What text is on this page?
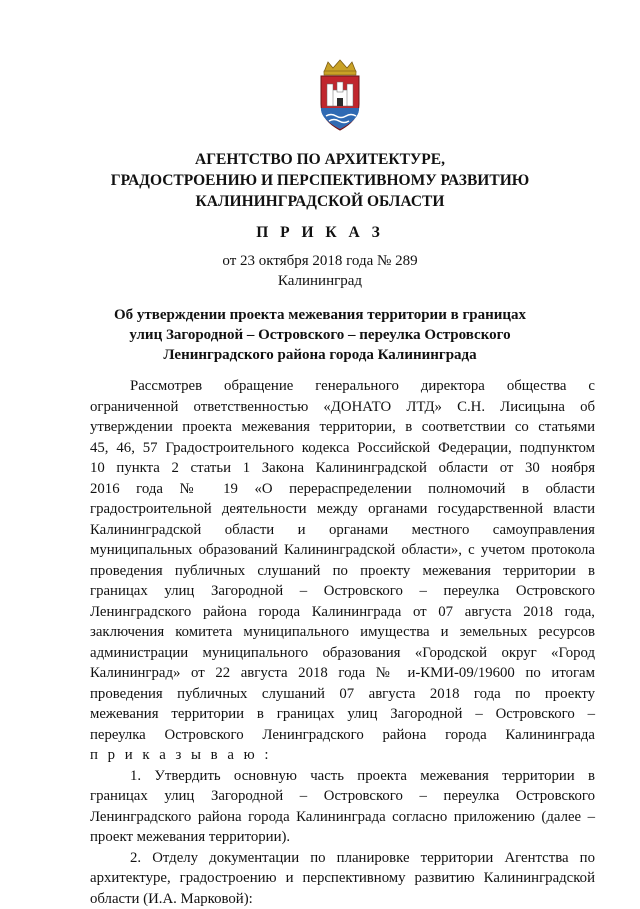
АГЕНТСТВО ПО АРХИТЕКТУРЕ,
ГРАДОСТРОЕНИЮ И ПЕРСПЕКТИВНОМУ РАЗВИТИЮ
КАЛИНИНГРАДСКОЙ ОБЛАСТИ
П Р И К А З
от 23 октября 2018 года № 289
Калининград
Об утверждении проекта межевания территории в границах
улиц Загородной – Островского – переулка Островского
Ленинградского района города Калининграда

Рассмотрев обращение генерального директора общества с
ограниченной ответственностью «ДОНАТО ЛТД» С.Н. Лисицына об
утверждении проекта межевания территории, в соответствии со статьями
45, 46, 57 Градостроительного кодекса Российской Федерации, подпунктом
10 пункта 2 статьи 1 Закона Калининградской области от 30 ноября
2016 года № 19 «О перераспределении полномочий в области
градостроительной деятельности между органами государственной власти
Калининградской области и органами местного самоуправления
муниципальных образований Калининградской области», с учетом протокола
проведения публичных слушаний по проекту межевания территории в
границах улиц Загородной – Островского – переулка Островского
Ленинградского района города Калининграда от 07 августа 2018 года,
заключения комитета муниципального имущества и земельных ресурсов
администрации муниципального образования «Городской округ «Город
Калининград» от 22 августа 2018 года № и-КМИ-09/19600 по итогам
проведения публичных слушаний 07 августа 2018 года по проекту
межевания территории в границах улиц Загородной – Островского –
переулка Островского Ленинградского района города Калининграда
п р и к а з ы в а ю :

1. Утвердить основную часть проекта межевания территории в
границах улиц Загородной – Островского – переулка Островского
Ленинградского района города Калининграда согласно приложению (далее –
проект межевания территории).

2. Отделу документации по планировке территории Агентства по
архитектуре, градостроению и перспективному развитию Калининградской
области (И.А. Марковой):
